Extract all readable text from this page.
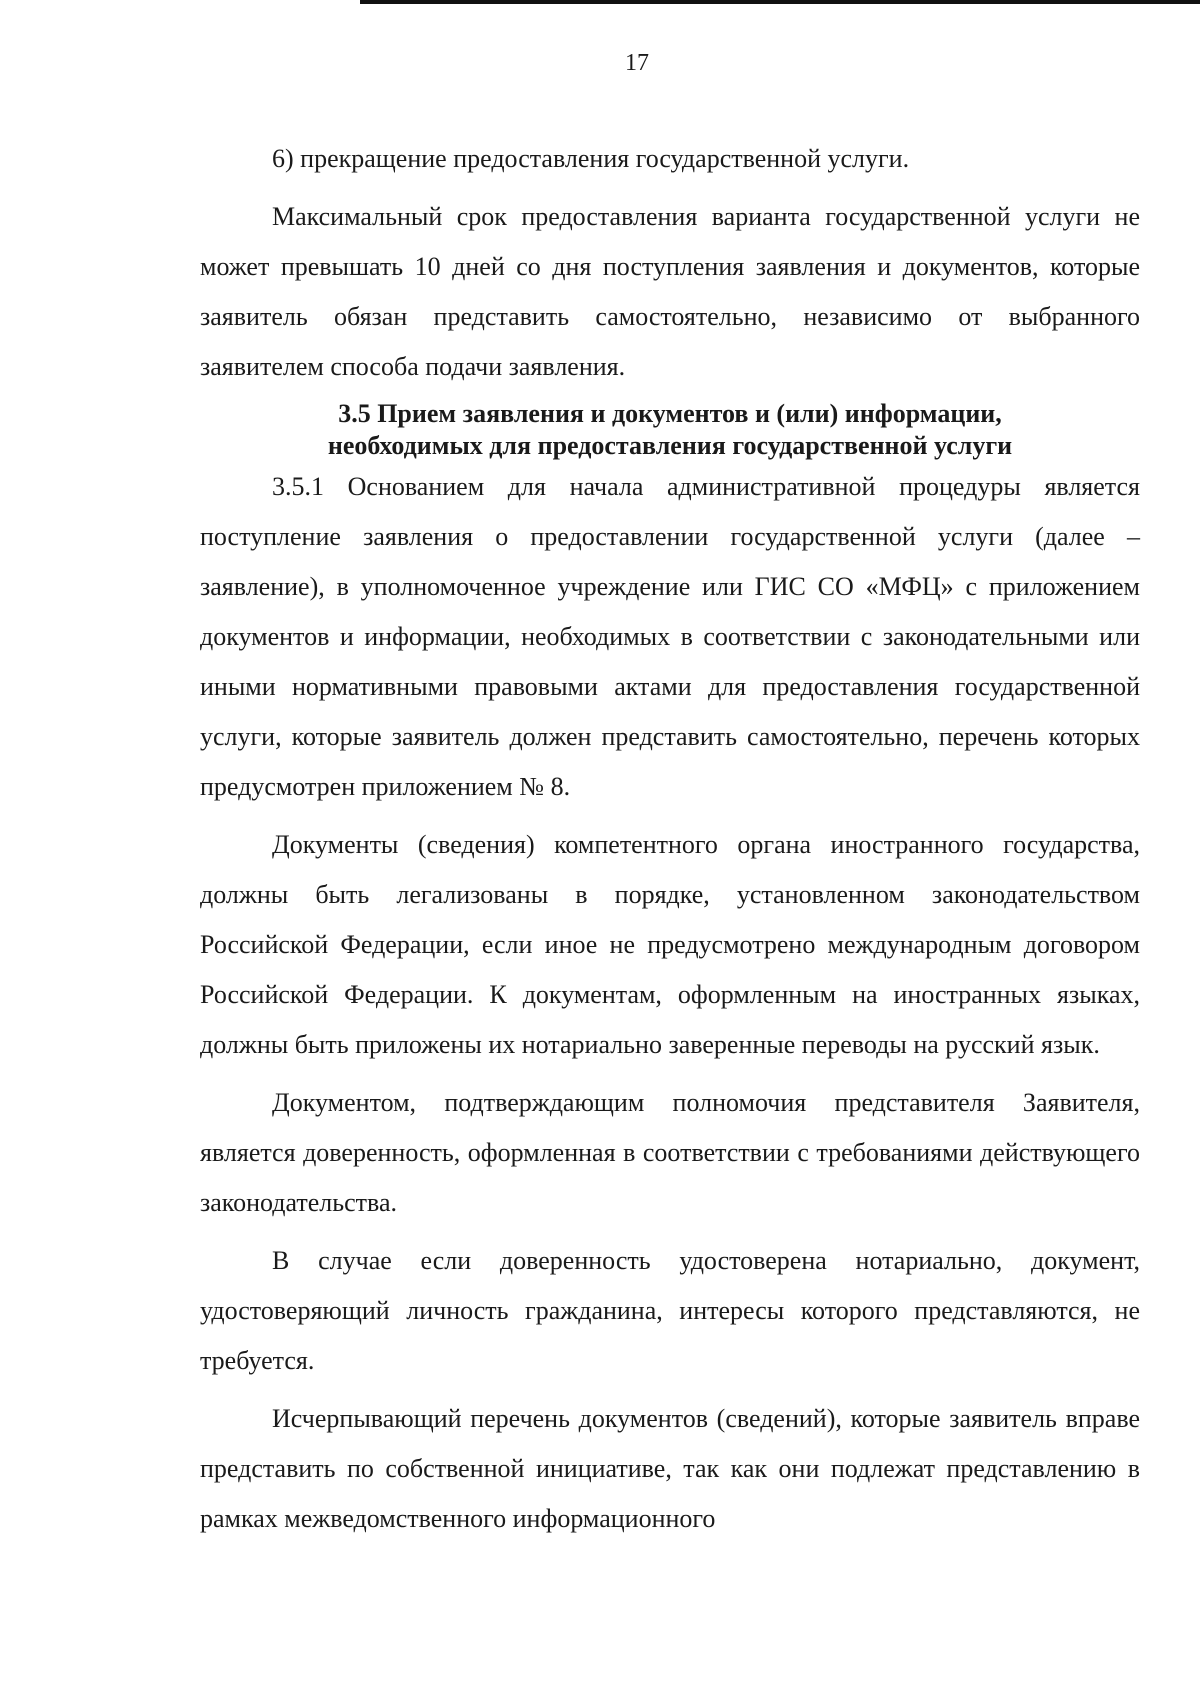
17

6) прекращение предоставления государственной услуги.

Максимальный срок предоставления варианта государственной услуги не может превышать 10 дней со дня поступления заявления и документов, которые заявитель обязан представить самостоятельно, независимо от выбранного заявителем способа подачи заявления.

3.5 Прием заявления и документов и (или) информации,
необходимых для предоставления государственной услуги

3.5.1 Основанием для начала административной процедуры является поступление заявления о предоставлении государственной услуги (далее – заявление), в уполномоченное учреждение или ГИС СО «МФЦ» с приложением документов и информации, необходимых в соответствии с законодательными или иными нормативными правовыми актами для предоставления государственной услуги, которые заявитель должен представить самостоятельно, перечень которых предусмотрен приложением № 8.

Документы (сведения) компетентного органа иностранного государства, должны быть легализованы в порядке, установленном законодательством Российской Федерации, если иное не предусмотрено международным договором Российской Федерации. К документам, оформленным на иностранных языках, должны быть приложены их нотариально заверенные переводы на русский язык.

Документом, подтверждающим полномочия представителя Заявителя, является доверенность, оформленная в соответствии с требованиями действующего законодательства.

В случае если доверенность удостоверена нотариально, документ, удостоверяющий личность гражданина, интересы которого представляются, не требуется.

Исчерпывающий перечень документов (сведений), которые заявитель вправе представить по собственной инициативе, так как они подлежат представлению в рамках межведомственного информационного
